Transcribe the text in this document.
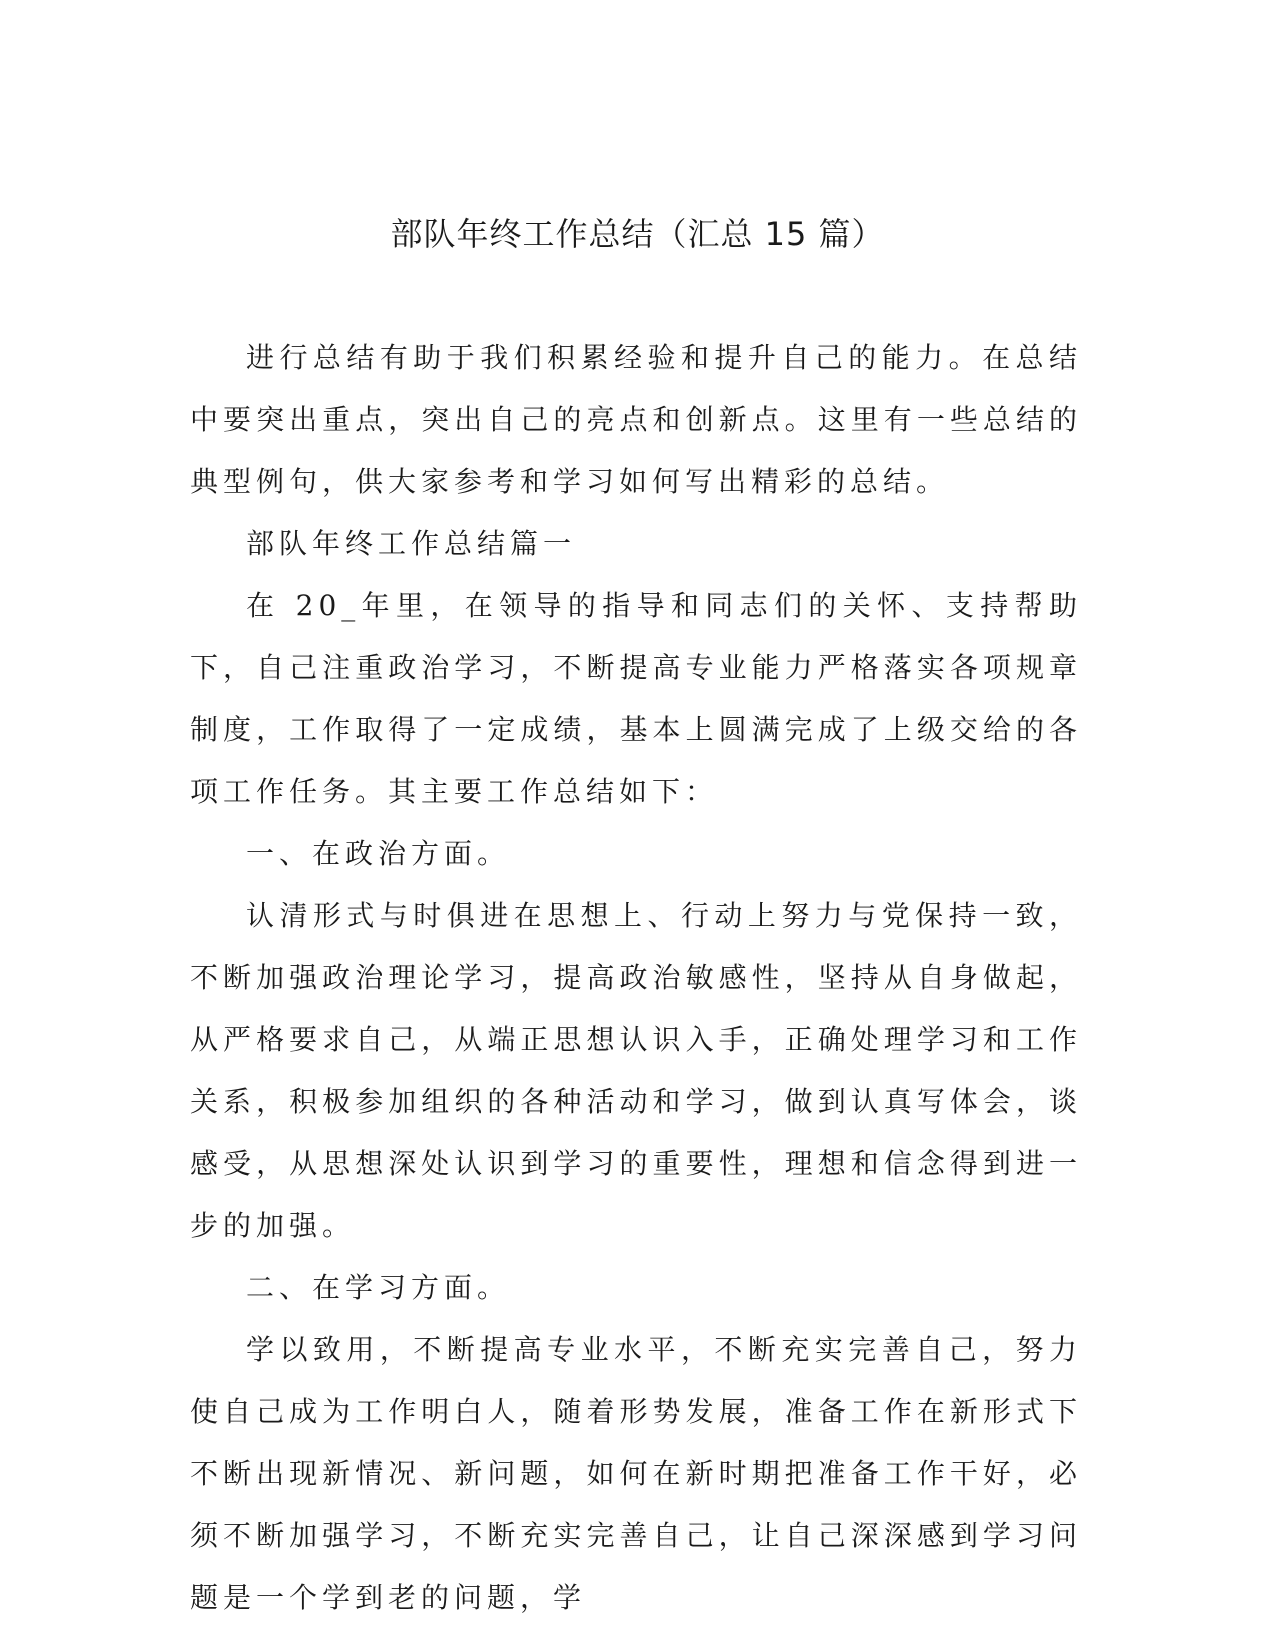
部队年终工作总结（汇总 15 篇）

进行总结有助于我们积累经验和提升自己的能力。在总结中要突出重点，突出自己的亮点和创新点。这里有一些总结的典型例句，供大家参考和学习如何写出精彩的总结。

部队年终工作总结篇一

在 20_年里，在领导的指导和同志们的关怀、支持帮助下，自己注重政治学习，不断提高专业能力严格落实各项规章制度，工作取得了一定成绩，基本上圆满完成了上级交给的各项工作任务。其主要工作总结如下：

一、在政治方面。

认清形式与时俱进在思想上、行动上努力与党保持一致，不断加强政治理论学习，提高政治敏感性，坚持从自身做起，从严格要求自己，从端正思想认识入手，正确处理学习和工作关系，积极参加组织的各种活动和学习，做到认真写体会，谈感受，从思想深处认识到学习的重要性，理想和信念得到进一步的加强。

二、在学习方面。

学以致用，不断提高专业水平，不断充实完善自己，努力使自己成为工作明白人，随着形势发展，准备工作在新形式下不断出现新情况、新问题，如何在新时期把准备工作干好，必须不断加强学习，不断充实完善自己，让自己深深感到学习问题是一个学到老的问题，学
